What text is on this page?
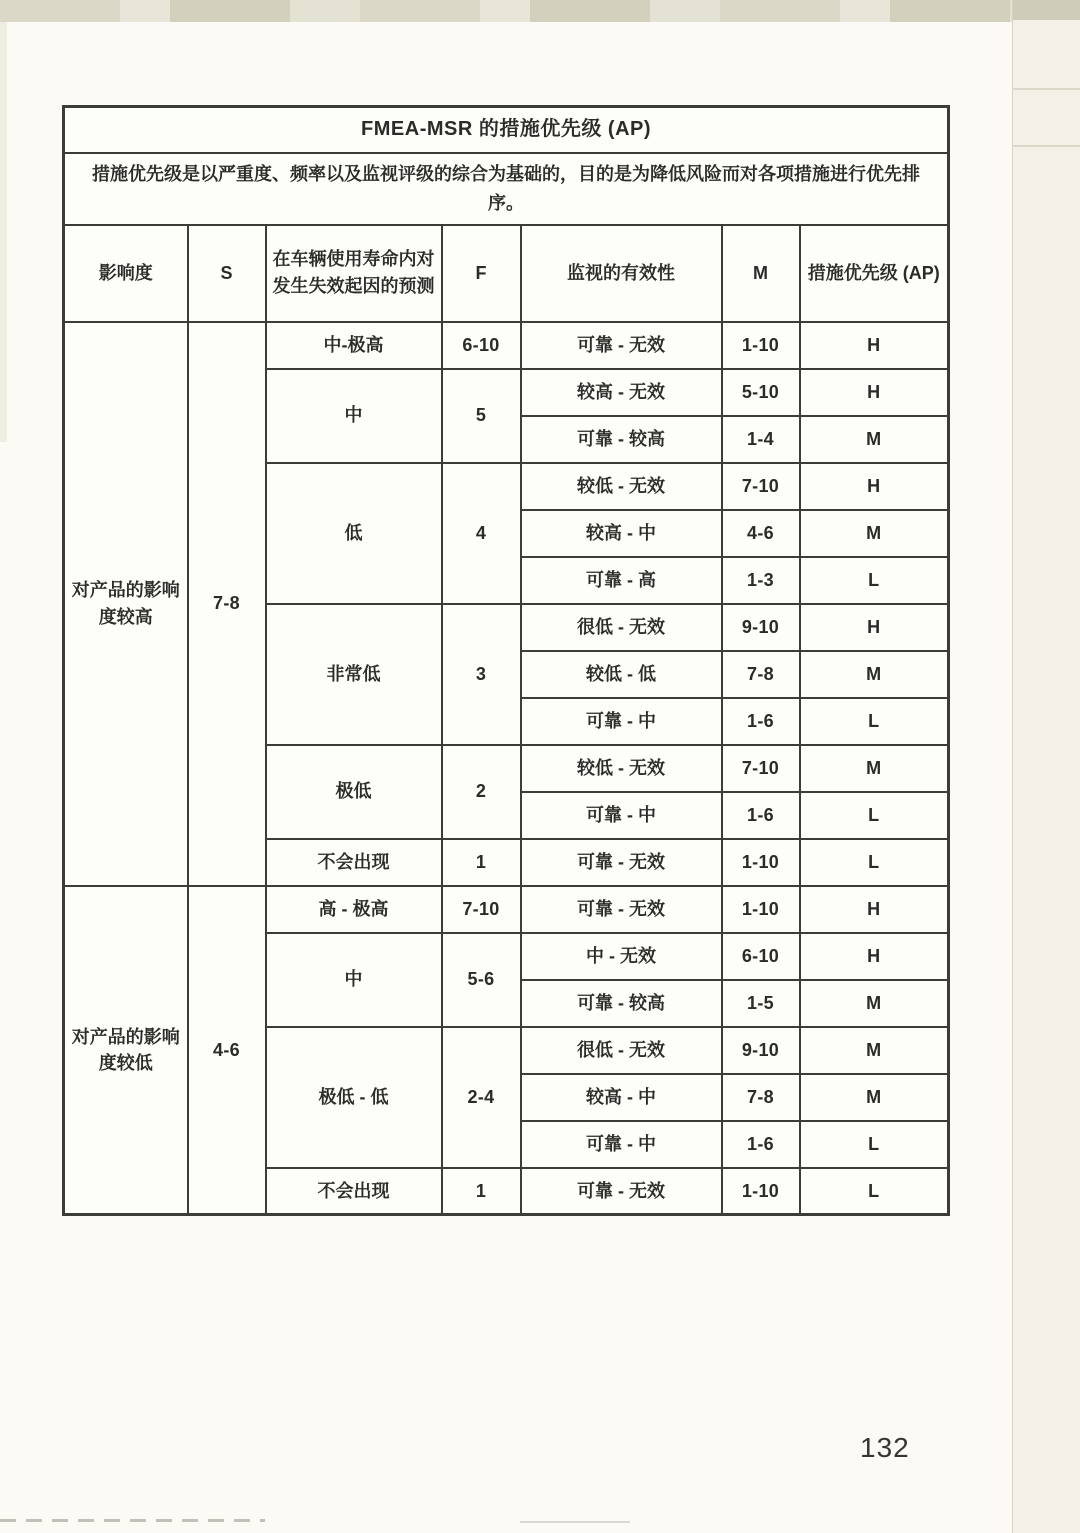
FMEA-MSR 的措施优先级 (AP)						
措施优先级是以严重度、频率以及监视评级的综合为基础的，目的是为降低风险而对各项措施进行优先排序。						
影响度	S	在车辆使用寿命内对发生失效起因的预测	F	监视的有效性	M	措施优先级 (AP)
对产品的影响度较高	7-8	中-极高	6-10	可靠 - 无效	1-10	H
		中	5	较高 - 无效	5-10	H
				可靠 - 较高	1-4	M
		低	4	较低 - 无效	7-10	H
				较高 - 中	4-6	M
				可靠 - 高	1-3	L
		非常低	3	很低 - 无效	9-10	H
				较低 - 低	7-8	M
				可靠 - 中	1-6	L
		极低	2	较低 - 无效	7-10	M
				可靠 - 中	1-6	L
		不会出现	1	可靠 - 无效	1-10	L
对产品的影响度较低	4-6	高 - 极高	7-10	可靠 - 无效	1-10	H
		中	5-6	中 - 无效	6-10	H
				可靠 - 较高	1-5	M
		极低 - 低	2-4	很低 - 无效	9-10	M
				较高 - 中	7-8	M
				可靠 - 中	1-6	L
		不会出现	1	可靠 - 无效	1-10	L
132
